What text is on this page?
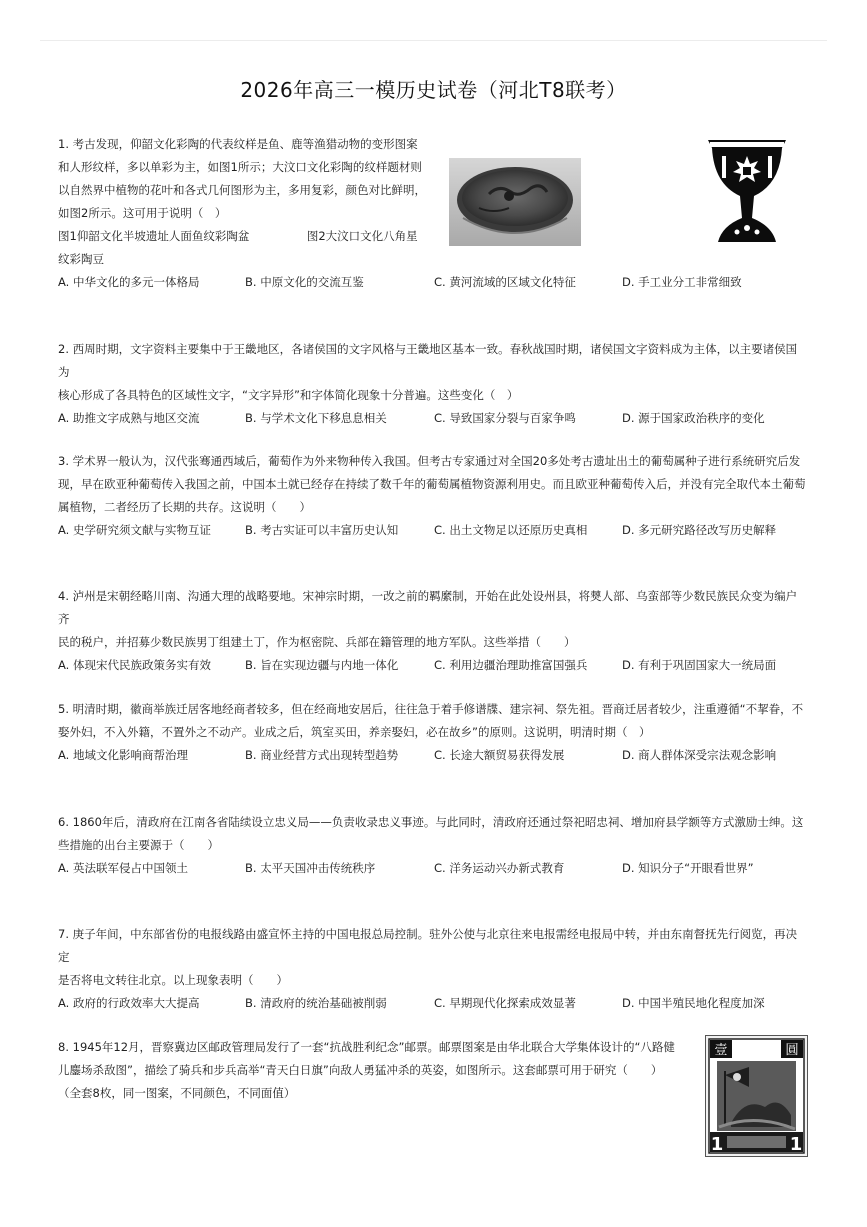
2026年高三一模历史试卷（河北T8联考）
壹	圓
1	1

1. 考古发现，仰韶文化彩陶的代表纹样是鱼、鹿等渔猎动物的变形图案

和人形纹样，多以单彩为主，如图1所示；大汶口文化彩陶的纹样题材则

以自然界中植物的花叶和各式几何图形为主，多用复彩，颜色对比鲜明，

如图2所示。这可用于说明（　）

图1仰韶文化半坡遗址人面鱼纹彩陶盆　　　　　图2大汶口文化八角星

纹彩陶豆

A. 中华文化的多元一体格局	B. 中原文化的交流互鉴	C. 黄河流域的区域文化特征	D. 手工业分工非常细致

2. 西周时期，文字资料主要集中于王畿地区，各诸侯国的文字风格与王畿地区基本一致。春秋战国时期，诸侯国文字资料成为主体，以主要诸侯国为

核心形成了各具特色的区域性文字，“文字异形”和字体简化现象十分普遍。这些变化（　）

A. 助推文字成熟与地区交流	B. 与学术文化下移息息相关	C. 导致国家分裂与百家争鸣	D. 源于国家政治秩序的变化

3. 学术界一般认为，汉代张骞通西域后，葡萄作为外来物种传入我国。但考古专家通过对全国20多处考古遗址出土的葡萄属种子进行系统研究后发

现，早在欧亚种葡萄传入我国之前，中国本土就已经存在持续了数千年的葡萄属植物资源利用史。而且欧亚种葡萄传入后，并没有完全取代本土葡萄

属植物，二者经历了长期的共存。这说明（　　）

A. 史学研究须文献与实物互证	B. 考古实证可以丰富历史认知	C. 出土文物足以还原历史真相	D. 多元研究路径改写历史解释

4. 泸州是宋朝经略川南、沟通大理的战略要地。宋神宗时期，一改之前的羁縻制，开始在此处设州县，将僰人部、乌蛮部等少数民族民众变为编户齐

民的税户，并招募少数民族男丁组建土丁，作为枢密院、兵部在籍管理的地方军队。这些举措（　　）

A. 体现宋代民族政策务实有效	B. 旨在实现边疆与内地一体化	C. 利用边疆治理助推富国强兵	D. 有利于巩固国家大一统局面

5. 明清时期，徽商举族迁居客地经商者较多，但在经商地安居后，往往急于着手修谱牒、建宗祠、祭先祖。晋商迁居者较少，注重遵循“不挈眷，不

娶外妇，不入外籍，不置外之不动产。业成之后，筑室买田，养亲娶妇，必在故乡”的原则。这说明，明清时期（　）

A. 地域文化影响商帮治理	B. 商业经营方式出现转型趋势	C. 长途大额贸易获得发展	D. 商人群体深受宗法观念影响

6. 1860年后，清政府在江南各省陆续设立忠义局——负责收录忠义事迹。与此同时，清政府还通过祭祀昭忠祠、增加府县学额等方式激励士绅。这

些措施的出台主要源于（　　）

A. 英法联军侵占中国领土	B. 太平天国冲击传统秩序	C. 洋务运动兴办新式教育	D. 知识分子“开眼看世界”

7. 庚子年间，中东部省份的电报线路由盛宣怀主持的中国电报总局控制。驻外公使与北京往来电报需经电报局中转，并由东南督抚先行阅览，再决定

是否将电文转往北京。以上现象表明（　　）

A. 政府的行政效率大大提高	B. 清政府的统治基础被削弱	C. 早期现代化探索成效显著	D. 中国半殖民地化程度加深

8. 1945年12月，晋察冀边区邮政管理局发行了一套“抗战胜利纪念”邮票。邮票图案是由华北联合大学集体设计的“八路健

儿鏖场杀敌图”，描绘了骑兵和步兵高举“青天白日旗”向敌人勇猛冲杀的英姿，如图所示。这套邮票可用于研究（　　）

（全套8枚，同一图案，不同颜色，不同面值）
